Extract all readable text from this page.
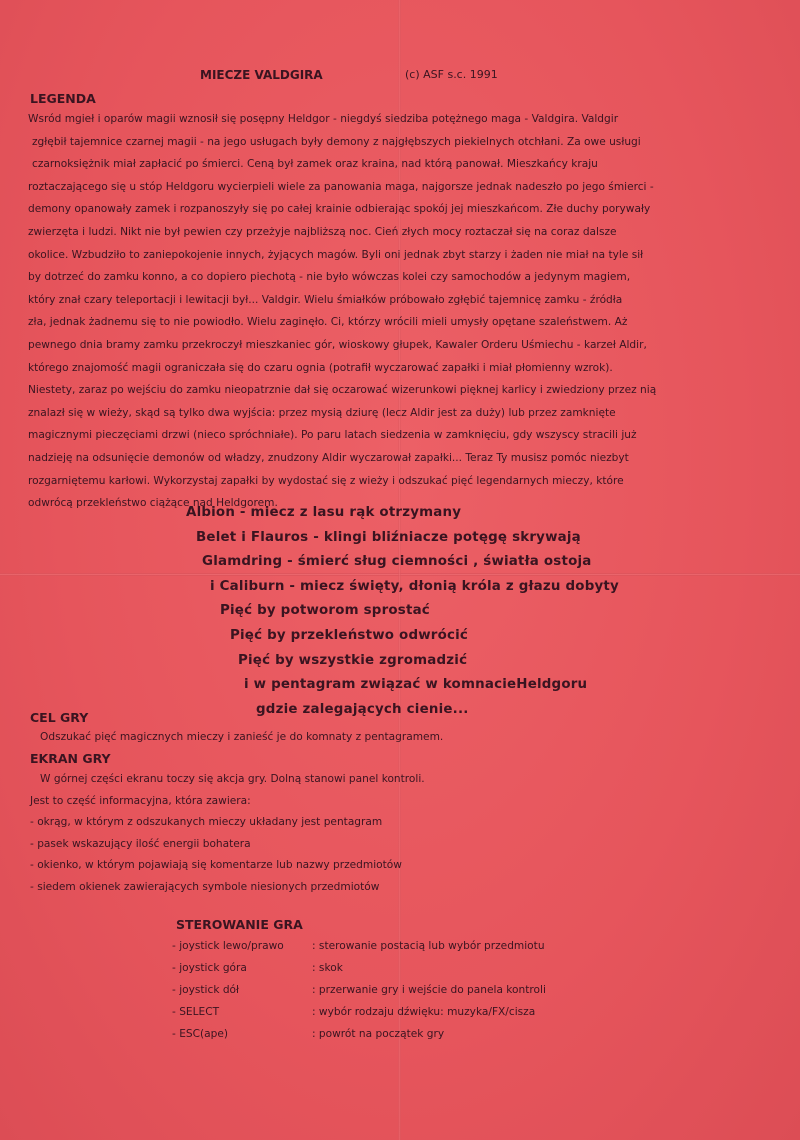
MIECZE VALDGIRA	(c) ASF s.c. 1991
LEGENDA
Wsród mgieł i oparów magii wznosił się posępny Heldgor - niegdyś siedziba potężnego maga - Valdgira. Valdgir
zgłębił tajemnice czarnej magii - na jego usługach były demony z najgłębszych piekielnych otchłani. Za owe usługi
czarnoksiężnik miał zapłacić po śmierci. Ceną był zamek oraz kraina, nad którą panował. Mieszkańcy kraju
roztaczającego się u stóp Heldgoru wycierpieli wiele za panowania maga, najgorsze jednak nadeszło po jego śmierci -
demony opanowały zamek i rozpanoszyły się po całej krainie odbierając spokój jej mieszkańcom. Złe duchy porywały
zwierzęta i ludzi. Nikt nie był pewien czy przeżyje najbliższą noc. Cień złych mocy roztaczał się na coraz dalsze
okolice. Wzbudziło to zaniepokojenie innych, żyjących magów. Byli oni jednak zbyt starzy i żaden nie miał na tyle sił
by dotrzeć do zamku konno, a co dopiero piechotą - nie było wówczas kolei czy samochodów a jedynym magiem,
który znał czary teleportacji i lewitacji był... Valdgir. Wielu śmiałków próbowało zgłębić tajemnicę zamku - źródła
zła, jednak żadnemu się to nie powiodło. Wielu zaginęło. Ci, którzy wrócili mieli umysły opętane szaleństwem. Aż
pewnego dnia bramy zamku przekroczył mieszkaniec gór, wioskowy głupek, Kawaler Orderu Uśmiechu - karzeł Aldir,
którego znajomość magii ograniczała się do czaru ognia (potrafił wyczarować zapałki i miał płomienny wzrok).
Niestety, zaraz po wejściu do zamku nieopatrznie dał się oczarować wizerunkowi pięknej karlicy i zwiedziony przez nią
znalazł się w wieży, skąd są tylko dwa wyjścia: przez mysią dziurę (lecz Aldir jest za duży) lub przez zamknięte
magicznymi pieczęciami drzwi (nieco spróchniałe). Po paru latach siedzenia w zamknięciu, gdy wszyscy stracili już
nadzieję na odsunięcie demonów od władzy, znudzony Aldir wyczarował zapałki... Teraz Ty musisz pomóc niezbyt
rozgarniętemu karłowi. Wykorzystaj zapałki by wydostać się z wieży i odszukać pięć legendarnych mieczy, które
odwrócą przekleństwo ciążące nad Heldgorem.
Albion - miecz z lasu rąk otrzymany
Belet i Flauros - klingi bliźniacze potęgę skrywają
Glamdring - śmierć sług ciemności , światła ostoja
i Caliburn - miecz święty, dłonią króla z głazu dobyty
Pięć by potworom sprostać
Pięć by przekleństwo odwrócić
Pięć by wszystkie zgromadzić
i w pentagram związać w komnacieHeldgoru
gdzie zalegających cienie...
CEL GRY
Odszukać pięć magicznych mieczy i zanieść je do komnaty z pentagramem.
EKRAN GRY
W górnej części ekranu toczy się akcja gry. Dolną stanowi panel kontroli.
Jest to część informacyjna, która zawiera:
- okrąg, w którym z odszukanych mieczy układany jest pentagram
- pasek wskazujący ilość energii bohatera
- okienko, w którym pojawiają się komentarze lub nazwy przedmiotów
- siedem okienek zawierających symbole niesionych przedmiotów
STEROWANIE GRA
- joystick lewo/prawo	: sterowanie postacią lub wybór przedmiotu
- joystick góra	: skok
- joystick dół	: przerwanie gry i wejście do panela kontroli
- SELECT	: wybór rodzaju dźwięku: muzyka/FX/cisza
- ESC(ape)	: powrót na początek gry
